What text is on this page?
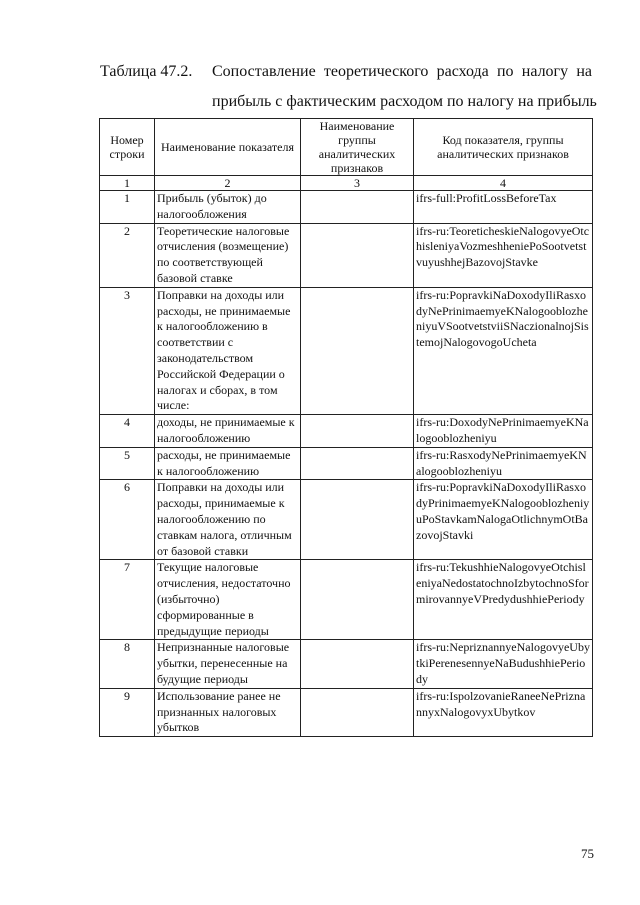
Таблица 47.2. Сопоставление теоретического расхода по налогу на
прибыль с фактическим расходом по налогу на прибыль
Номер строки	Наименование показателя	Наименование группы аналитических признаков	Код показателя, группы аналитических признаков
1	2	3	4
1	Прибыль (убыток) до налогообложения		ifrs-full:ProfitLossBeforeTax
2	Теоретические налоговые отчисления (возмещение) по соответствующей базовой ставке		ifrs-ru:TeoreticheskieNalogovyeOtchisleniyaVozmeshheniePoSootvetstvuyushhejBazovojStavke
3	Поправки на доходы или расходы, не принимаемые к налогообложению в соответствии с законодательством Российской Федерации о налогах и сборах, в том числе:		ifrs-ru:PopravkiNaDoxodyIliRasxodyNePrinimaemyeKNalogooblozheniyuVSootvetstviiSNaczionalnojSistemojNalogovogoUcheta
4	доходы, не принимаемые к налогообложению		ifrs-ru:DoxodyNePrinimaemyeKNalogooblozheniyu
5	расходы, не принимаемые к налогообложению		ifrs-ru:RasxodyNePrinimaemyeKNalogooblozheniyu
6	Поправки на доходы или расходы, принимаемые к налогообложению по ставкам налога, отличным от базовой ставки		ifrs-ru:PopravkiNaDoxodyIliRasxodyPrinimaemyeKNalogooblozheniyuPoStavkamNalogaOtlichnymOtBazovojStavki
7	Текущие налоговые отчисления, недостаточно (избыточно) сформированные в предыдущие периоды		ifrs-ru:TekushhieNalogovyeOtchisleniyaNedostatochnoIzbytochnoSformirovannyeVPredydushhiePeriody
8	Непризнанные налоговые убытки, перенесенные на будущие периоды		ifrs-ru:NepriznannyeNalogovyeUbytkiPerenesennyeNaBudushhiePeriody
9	Использование ранее не признанных налоговых убытков		ifrs-ru:IspolzovanieRaneeNePriznannyxNalogovyxUbytkov
75
